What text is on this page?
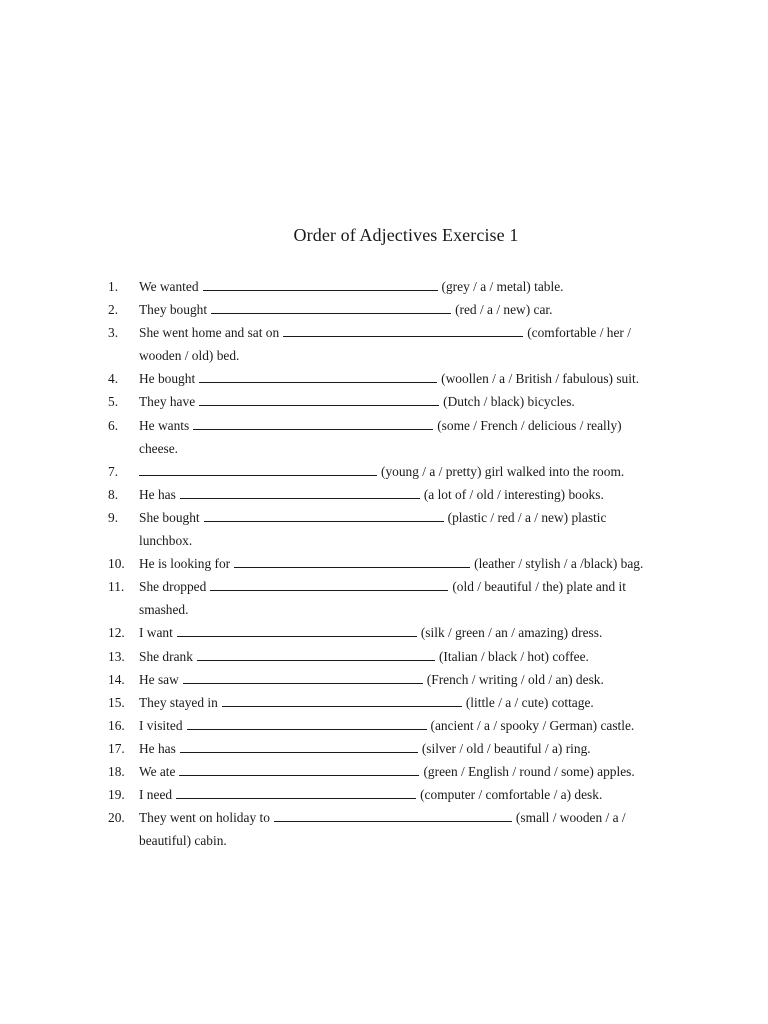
Order of Adjectives Exercise 1
1.	We wanted	(grey / a / metal) table.
2.	They bought	(red / a / new) car.
3.	She went home and sat on	(comfortable / her /
wooden / old) bed.
4.	He bought	(woollen / a / British / fabulous) suit.
5.	They have	(Dutch / black) bicycles.
6.	He wants	(some / French / delicious / really)
cheese.
7.	(young / a / pretty) girl walked into the room.
8.	He has	(a lot of / old / interesting) books.
9.	She bought	(plastic / red / a / new) plastic
lunchbox.
10.	He is looking for	(leather / stylish / a /black) bag.
11.	She dropped	(old / beautiful / the) plate and it
smashed.
12.	I want	(silk / green / an / amazing) dress.
13.	She drank	(Italian / black / hot) coffee.
14.	He saw	(French / writing / old / an) desk.
15.	They stayed in	(little / a / cute) cottage.
16.	I visited	(ancient / a / spooky / German) castle.
17.	He has	(silver / old / beautiful / a) ring.
18.	We ate	(green / English / round / some) apples.
19.	I need	(computer / comfortable / a) desk.
20.	They went on holiday to	(small / wooden / a /
beautiful) cabin.
